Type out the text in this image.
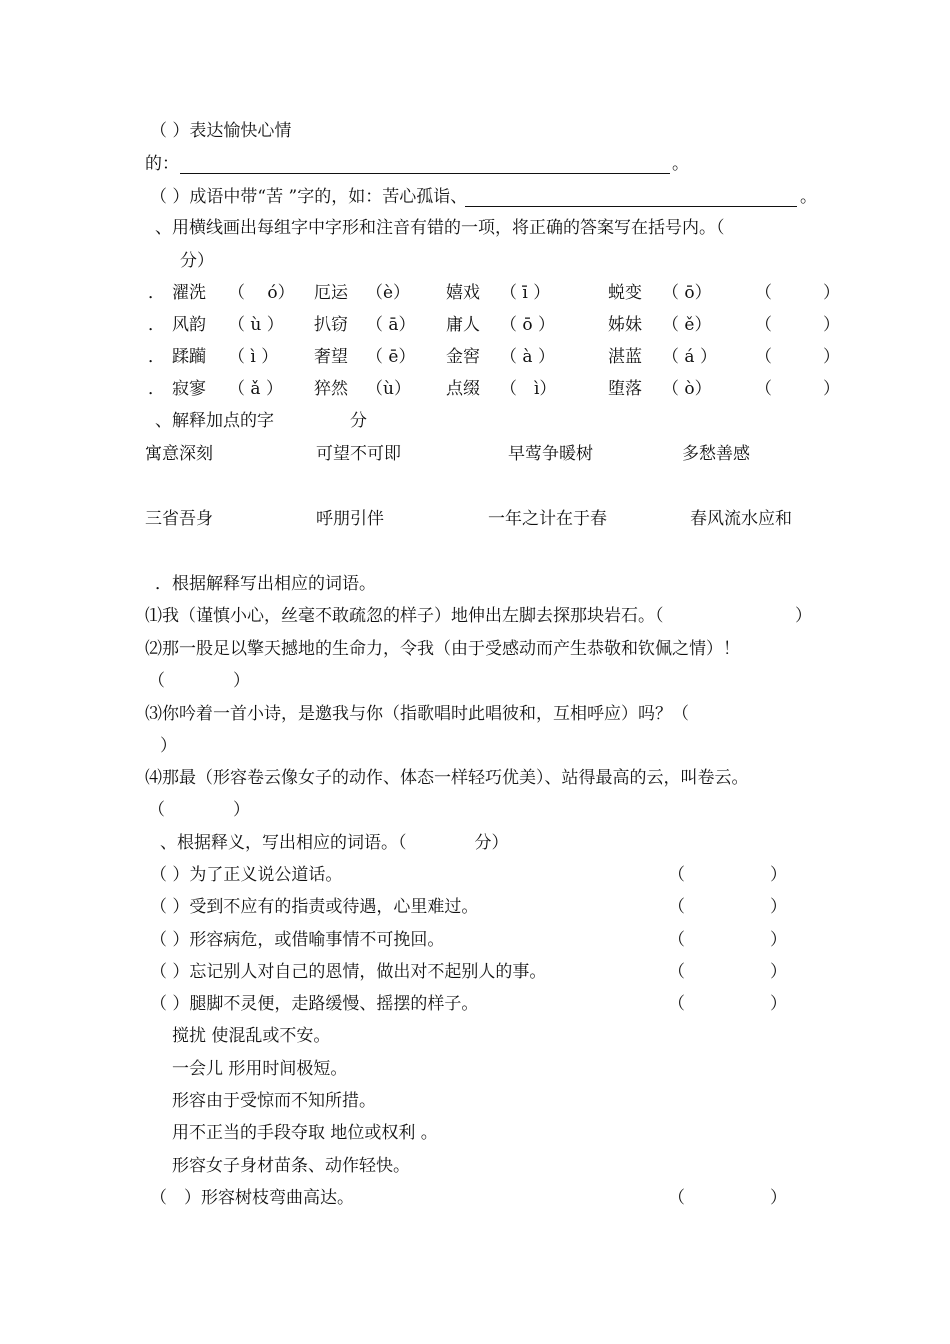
（ ）表达愉快心情
的：	。
（ ）成语中带“苦 ”字的，如：苦心孤诣、	。
、用横线画出每组字中字形和注音有错的一项，将正确的答案写在括号内。（
分）
． 濯洗 （　 ó） 厄运 （è） 嬉戏 （ ī ）	蜕变 （ ō）	（　　　）
． 风韵 （ ù ） 扒窃 （ ā） 庸人 （ ō ）	姊妹 （ ě）	（　　　）
． 蹂躏 （ ì ） 奢望 （ ē） 金窖 （ à ）	湛蓝 （ á ） （　　　）
． 寂寥 （ ǎ ） 猝然 （ù） 点缀 （　ì）	堕落 （ ò）	（　　　）
、解释加点的字	分
寓意深刻	可望不可即	早莺争暖树	多愁善感
三省吾身	呼朋引伴	一年之计在于春	春风流水应和
．根据解释写出相应的词语。
⑴我（谨慎小心，丝毫不敢疏忽的样子）地伸出左脚去探那块岩石。（	）
⑵那一股足以擎天撼地的生命力，令我（由于受感动而产生恭敬和钦佩之情）！
（　　　　）
⑶你吟着一首小诗，是邀我与你（指歌唱时此唱彼和，互相呼应）吗？（
）
⑷那最（形容卷云像女子的动作、体态一样轻巧优美）、站得最高的云，叫卷云。
（　　　　）
、根据释义，写出相应的词语。（　　　　分）
（ ）为了正义说公道话。	（　　　　　）
（ ）受到不应有的指责或待遇，心里难过。	（　　　　　）
（ ）形容病危，或借喻事情不可挽回。	（　　　　　）
（ ）忘记别人对自己的恩情，做出对不起别人的事。	（　　　　　）
（ ）腿脚不灵便，走路缓慢、摇摆的样子。	（　　　　　）
搅扰 使混乱或不安。
一会儿 形用时间极短。
形容由于受惊而不知所措。
用不正当的手段夺取 地位或权利 。
形容女子身材苗条、动作轻快。
（　）形容树枝弯曲高达。	（　　　　　）
